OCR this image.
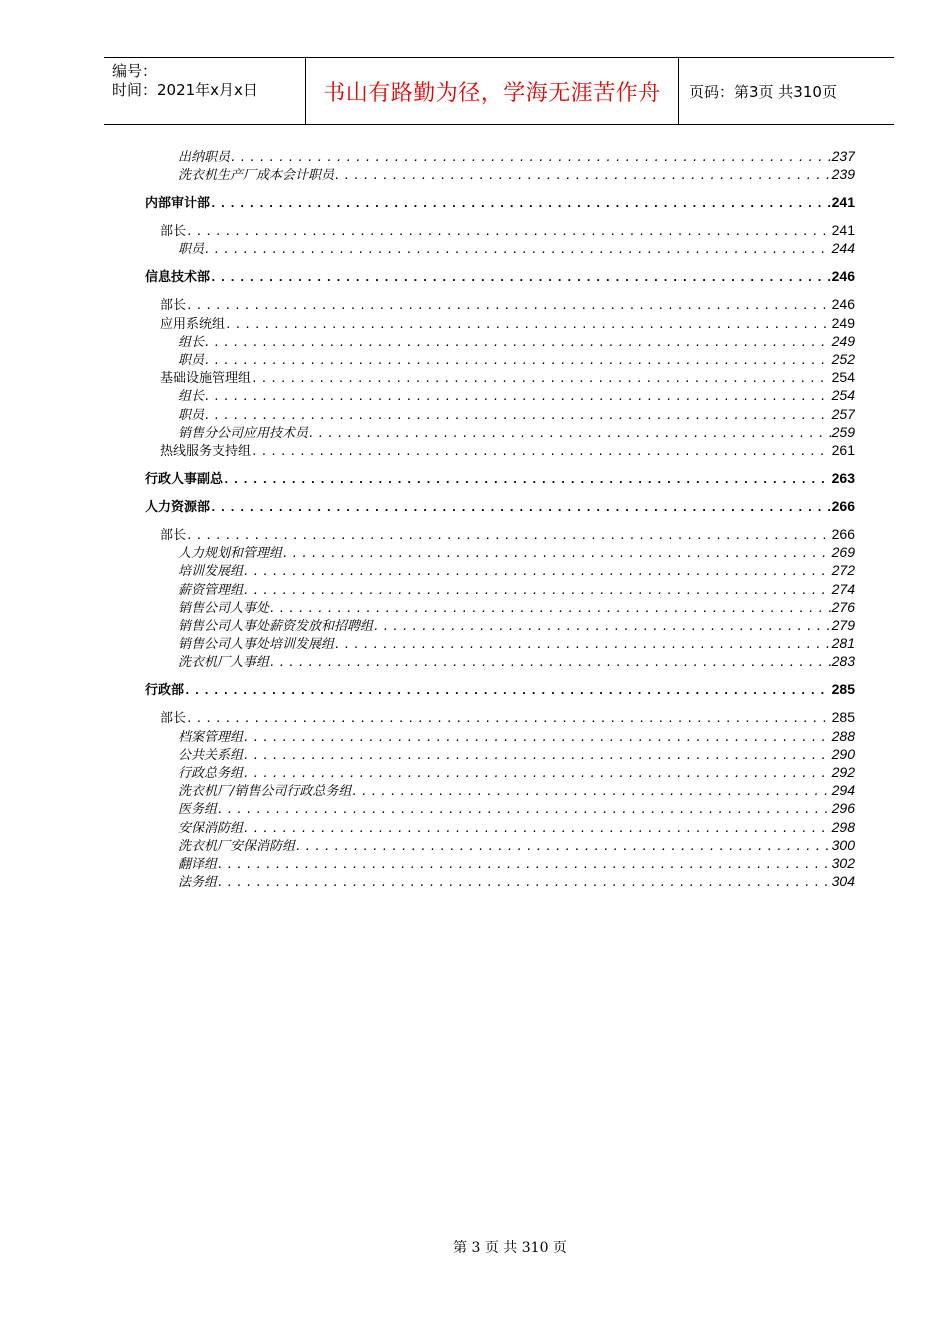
编号：
时间：2021年x月x日	书山有路勤为径，学海无涯苦作舟	页码：第3页 共310页
出纳职员 .....	237
洗衣机生产厂成本会计职员 .....	239
内部审计部 .....	241
部长 .....	241
职员 .....	244
信息技术部 .....	246
部长 .....	246
应用系统组 .....	249
组长 .....	249
职员 .....	252
基础设施管理组 .....	254
组长 .....	254
职员 .....	257
销售分公司应用技术员 .....	259
热线服务支持组 .....	261
行政人事副总 .....	263
人力资源部 .....	266
部长 .....	266
人力规划和管理组 .....	269
培训发展组 .....	272
薪资管理组 .....	274
销售公司人事处 .....	276
销售公司人事处薪资发放和招聘组 .....	279
销售公司人事处培训发展组 .....	281
洗衣机厂人事组 .....	283
行政部 .....	285
部长 .....	285
档案管理组 .....	288
公共关系组 .....	290
行政总务组 .....	292
洗衣机厂/销售公司行政总务组 .....	294
医务组 .....	296
安保消防组 .....	298
洗衣机厂安保消防组 .....	300
翻译组 .....	302
法务组 .....	304
第 3 页 共 310 页
